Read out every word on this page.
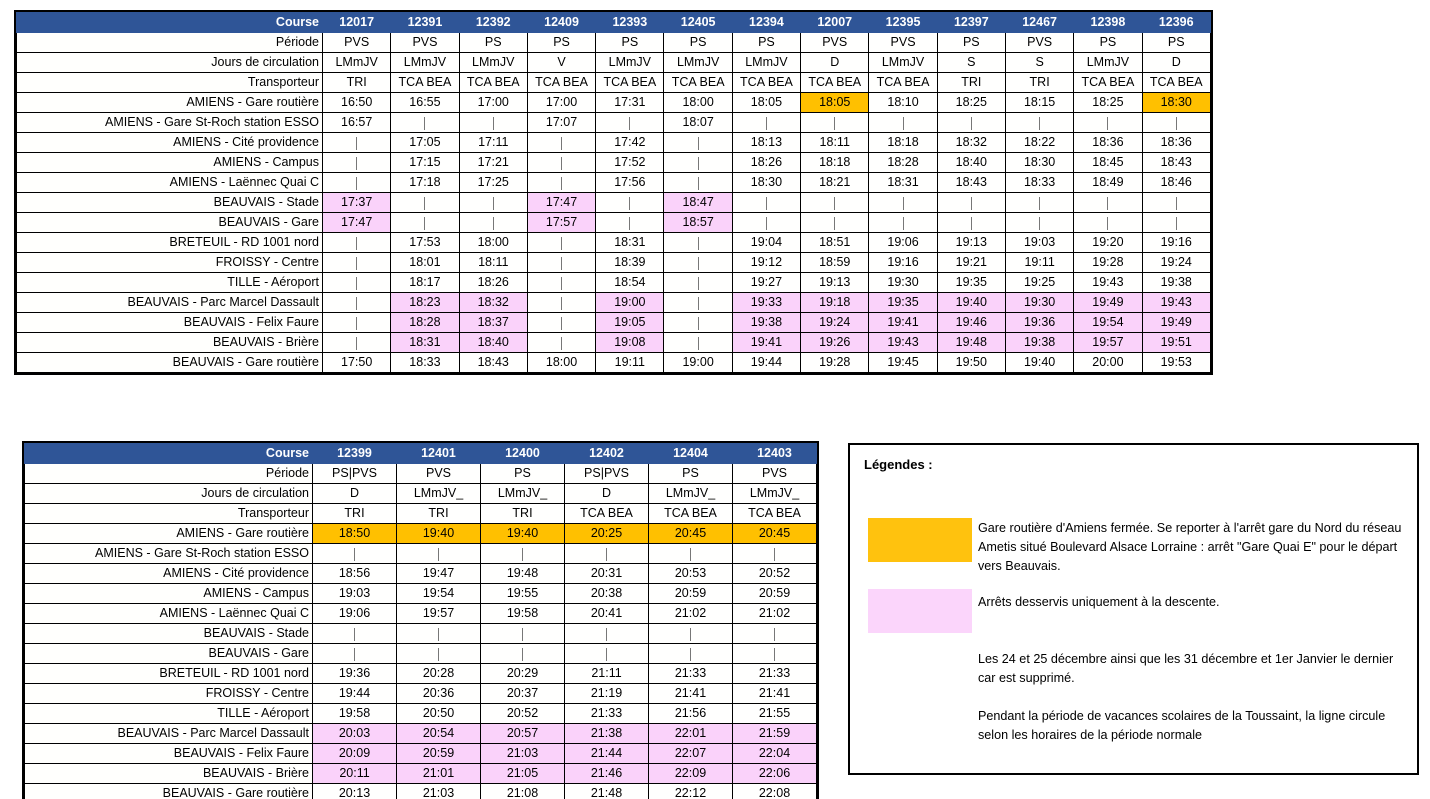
Course	12017	12391	12392	12409	12393	12405	12394	12007	12395	12397	12467	12398	12396
Période	PVS	PVS	PS	PS	PS	PS	PS	PVS	PVS	PS	PVS	PS	PS
Jours de circulation	LMmJV	LMmJV	LMmJV	V	LMmJV	LMmJV	LMmJV	D	LMmJV	S	S	LMmJV	D
Transporteur	TRI	TCA BEA	TCA BEA	TCA BEA	TCA BEA	TCA BEA	TCA BEA	TCA BEA	TCA BEA	TRI	TRI	TCA BEA	TCA BEA
AMIENS - Gare routière	16:50	16:55	17:00	17:00	17:31	18:00	18:05	18:05	18:10	18:25	18:15	18:25	18:30
AMIENS - Gare St-Roch station ESSO	16:57			17:07		18:07							
AMIENS - Cité providence		17:05	17:11		17:42		18:13	18:11	18:18	18:32	18:22	18:36	18:36
AMIENS - Campus		17:15	17:21		17:52		18:26	18:18	18:28	18:40	18:30	18:45	18:43
AMIENS - Laënnec Quai C		17:18	17:25		17:56		18:30	18:21	18:31	18:43	18:33	18:49	18:46
BEAUVAIS - Stade	17:37			17:47		18:47							
BEAUVAIS - Gare	17:47			17:57		18:57							
BRETEUIL - RD 1001 nord		17:53	18:00		18:31		19:04	18:51	19:06	19:13	19:03	19:20	19:16
FROISSY - Centre		18:01	18:11		18:39		19:12	18:59	19:16	19:21	19:11	19:28	19:24
TILLE - Aéroport		18:17	18:26		18:54		19:27	19:13	19:30	19:35	19:25	19:43	19:38
BEAUVAIS - Parc Marcel Dassault		18:23	18:32		19:00		19:33	19:18	19:35	19:40	19:30	19:49	19:43
BEAUVAIS - Felix Faure		18:28	18:37		19:05		19:38	19:24	19:41	19:46	19:36	19:54	19:49
BEAUVAIS - Brière		18:31	18:40		19:08		19:41	19:26	19:43	19:48	19:38	19:57	19:51
BEAUVAIS - Gare routière	17:50	18:33	18:43	18:00	19:11	19:00	19:44	19:28	19:45	19:50	19:40	20:00	19:53
Course	12399	12401	12400	12402	12404	12403
Période	PS|PVS	PVS	PS	PS|PVS	PS	PVS
Jours de circulation	D	LMmJV_	LMmJV_	D	LMmJV_	LMmJV_
Transporteur	TRI	TRI	TRI	TCA BEA	TCA BEA	TCA BEA
AMIENS - Gare routière	18:50	19:40	19:40	20:25	20:45	20:45
AMIENS - Gare St-Roch station ESSO						
AMIENS - Cité providence	18:56	19:47	19:48	20:31	20:53	20:52
AMIENS - Campus	19:03	19:54	19:55	20:38	20:59	20:59
AMIENS - Laënnec Quai C	19:06	19:57	19:58	20:41	21:02	21:02
BEAUVAIS - Stade						
BEAUVAIS - Gare						
BRETEUIL - RD 1001 nord	19:36	20:28	20:29	21:11	21:33	21:33
FROISSY - Centre	19:44	20:36	20:37	21:19	21:41	21:41
TILLE - Aéroport	19:58	20:50	20:52	21:33	21:56	21:55
BEAUVAIS - Parc Marcel Dassault	20:03	20:54	20:57	21:38	22:01	21:59
BEAUVAIS - Felix Faure	20:09	20:59	21:03	21:44	22:07	22:04
BEAUVAIS - Brière	20:11	21:01	21:05	21:46	22:09	22:06
BEAUVAIS - Gare routière	20:13	21:03	21:08	21:48	22:12	22:08
Légendes :
Gare routière d'Amiens fermée. Se reporter à l'arrêt gare du Nord du réseau Ametis situé Boulevard Alsace Lorraine : arrêt "Gare Quai E" pour le départ vers Beauvais.
Arrêts desservis uniquement à la descente.
Les 24 et 25 décembre ainsi que les 31 décembre et 1er Janvier le dernier car est supprimé.
Pendant la période de vacances scolaires de la Toussaint, la ligne circule selon les horaires de la période normale
